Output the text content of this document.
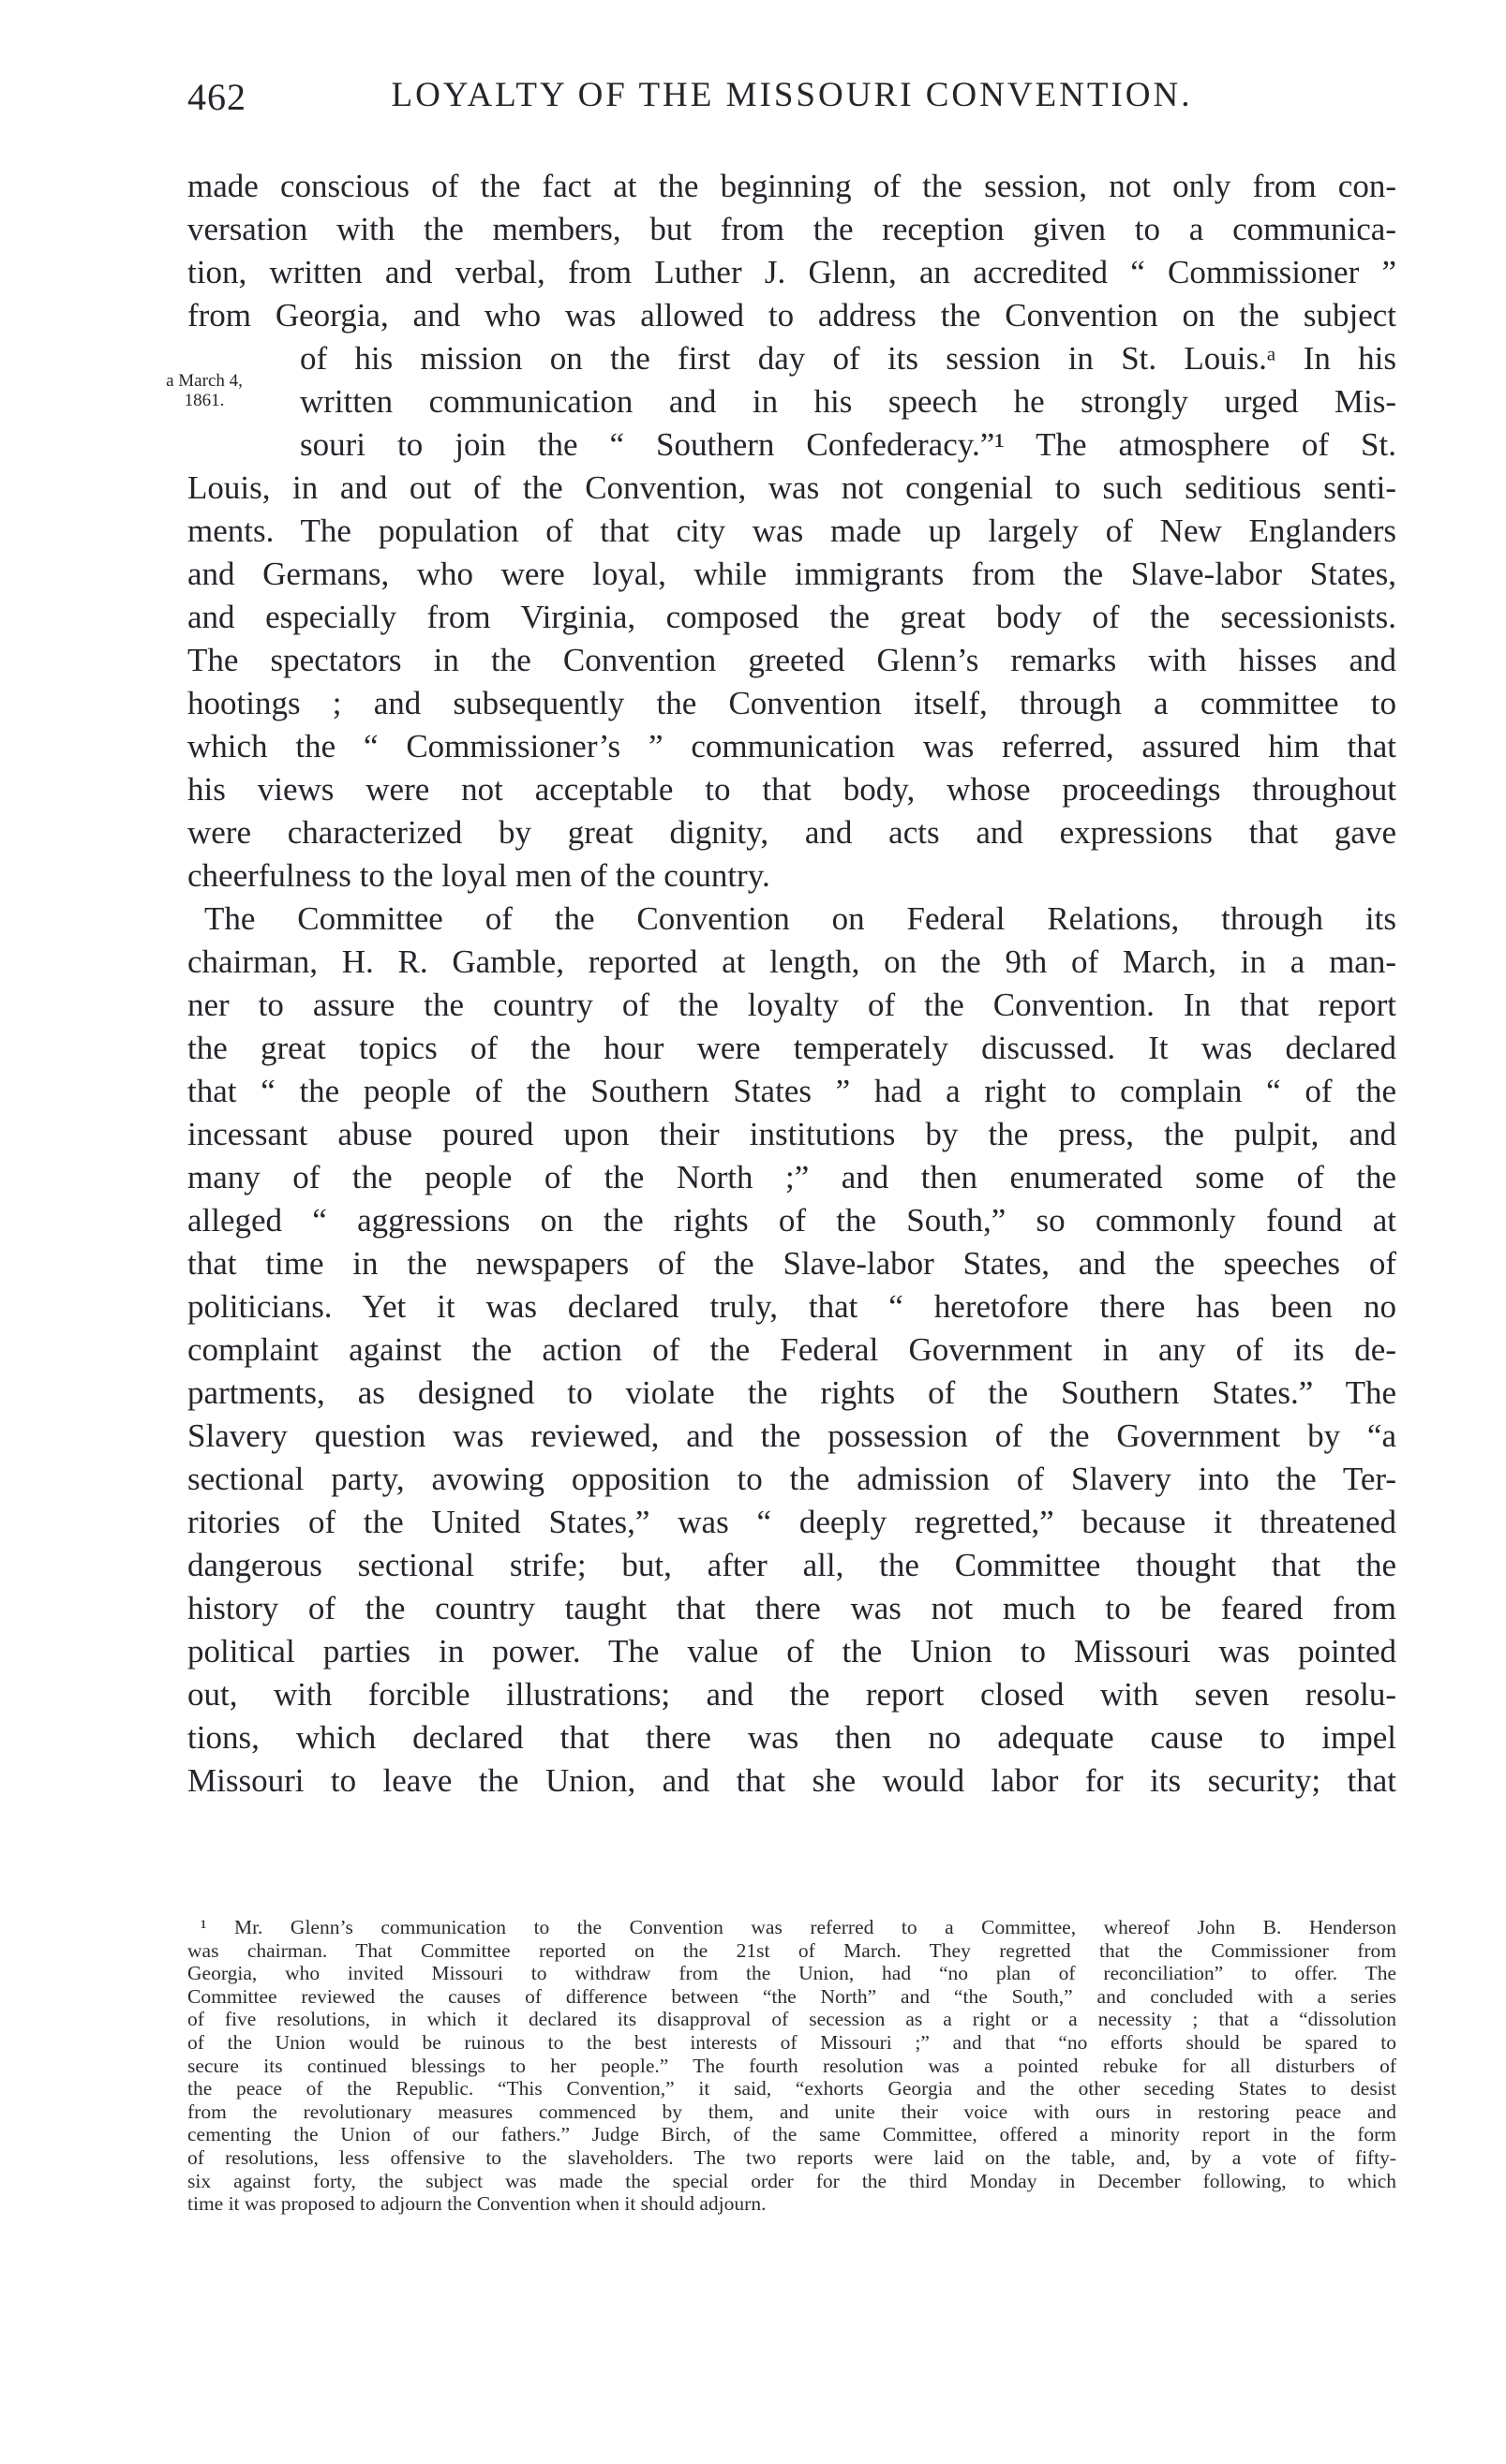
462	LOYALTY OF THE MISSOURI CONVENTION.
a March 4,
1861.
made conscious of the fact at the beginning of the session, not only from con-
versation with the members, but from the reception given to a communica-
tion, written and verbal, from Luther J. Glenn, an accredited “ Commissioner ”
from Georgia, and who was allowed to address the Convention on the subject
of his mission on the first day of its session in St. Louis.ᵃ In his
written communication and in his speech he strongly urged Mis-
souri to join the “ Southern Confederacy.”¹ The atmosphere of St.
Louis, in and out of the Convention, was not congenial to such seditious senti-
ments. The population of that city was made up largely of New Englanders
and Germans, who were loyal, while immigrants from the Slave-labor States,
and especially from Virginia, composed the great body of the secessionists.
The spectators in the Convention greeted Glenn’s remarks with hisses and
hootings ; and subsequently the Convention itself, through a committee to
which the “ Commissioner’s ” communication was referred, assured him that
his views were not acceptable to that body, whose proceedings throughout
were characterized by great dignity, and acts and expressions that gave
cheerfulness to the loyal men of the country.
The Committee of the Convention on Federal Relations, through its
chairman, H. R. Gamble, reported at length, on the 9th of March, in a man-
ner to assure the country of the loyalty of the Convention. In that report
the great topics of the hour were temperately discussed. It was declared
that “ the people of the Southern States ” had a right to complain “ of the
incessant abuse poured upon their institutions by the press, the pulpit, and
many of the people of the North ;” and then enumerated some of the
alleged “ aggressions on the rights of the South,” so commonly found at
that time in the newspapers of the Slave-labor States, and the speeches of
politicians. Yet it was declared truly, that “ heretofore there has been no
complaint against the action of the Federal Government in any of its de-
partments, as designed to violate the rights of the Southern States.” The
Slavery question was reviewed, and the possession of the Government by “a
sectional party, avowing opposition to the admission of Slavery into the Ter-
ritories of the United States,” was “ deeply regretted,” because it threatened
dangerous sectional strife; but, after all, the Committee thought that the
history of the country taught that there was not much to be feared from
political parties in power. The value of the Union to Missouri was pointed
out, with forcible illustrations; and the report closed with seven resolu-
tions, which declared that there was then no adequate cause to impel
Missouri to leave the Union, and that she would labor for its security; that
¹ Mr. Glenn’s communication to the Convention was referred to a Committee, whereof John B. Henderson
was chairman. That Committee reported on the 21st of March. They regretted that the Commissioner from
Georgia, who invited Missouri to withdraw from the Union, had “no plan of reconciliation” to offer. The
Committee reviewed the causes of difference between “the North” and “the South,” and concluded with a series
of five resolutions, in which it declared its disapproval of secession as a right or a necessity ; that a “dissolution
of the Union would be ruinous to the best interests of Missouri ;” and that “no efforts should be spared to
secure its continued blessings to her people.” The fourth resolution was a pointed rebuke for all disturbers of
the peace of the Republic. “This Convention,” it said, “exhorts Georgia and the other seceding States to desist
from the revolutionary measures commenced by them, and unite their voice with ours in restoring peace and
cementing the Union of our fathers.” Judge Birch, of the same Committee, offered a minority report in the form
of resolutions, less offensive to the slaveholders. The two reports were laid on the table, and, by a vote of fifty-
six against forty, the subject was made the special order for the third Monday in December following, to which
time it was proposed to adjourn the Convention when it should adjourn.
